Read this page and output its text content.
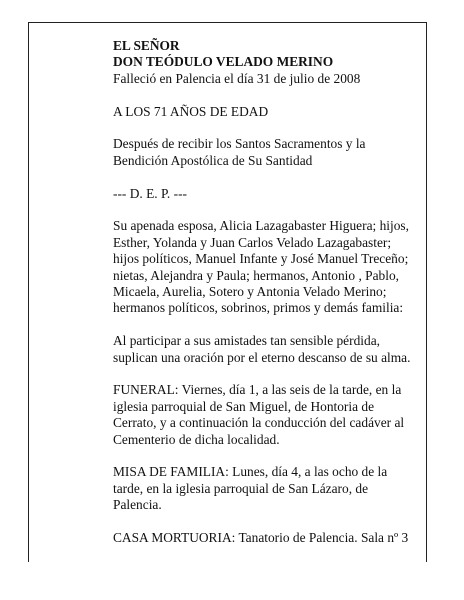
EL SEÑOR

DON TEÓDULO VELADO MERINO

Falleció en Palencia el día 31 de julio de 2008

A LOS 71 AÑOS DE EDAD

Después de recibir los Santos Sacramentos y la

Bendición Apostólica de Su Santidad

--- D. E. P. ---

Su apenada esposa, Alicia Lazagabaster Higuera; hijos,

Esther, Yolanda y Juan Carlos Velado Lazagabaster;

hijos políticos, Manuel Infante y José Manuel Treceño;

nietas, Alejandra y Paula; hermanos, Antonio , Pablo,

Micaela, Aurelia, Sotero y Antonia Velado Merino;

hermanos políticos, sobrinos, primos y demás familia:

Al participar a sus amistades tan sensible pérdida,

suplican una oración por el eterno descanso de su alma.

FUNERAL: Viernes, día 1, a las seis de la tarde, en la

iglesia parroquial de San Miguel, de Hontoria de

Cerrato, y a continuación la conducción del cadáver al

Cementerio de dicha localidad.

MISA DE FAMILIA: Lunes, día 4, a las ocho de la

tarde, en la iglesia parroquial de San Lázaro, de

Palencia.

CASA MORTUORIA: Tanatorio de Palencia. Sala nº 3
